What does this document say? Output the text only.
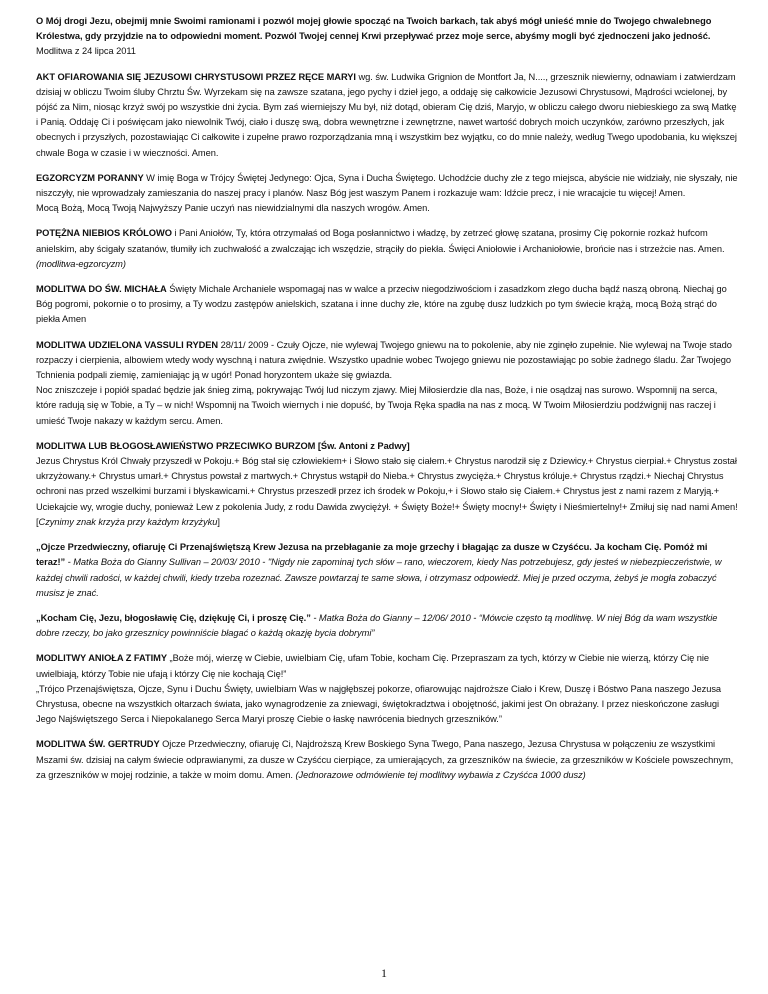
O Mój drogi Jezu, obejmij mnie Swoimi ramionami i pozwól mojej głowie spocząć na Twoich barkach, tak abyś mógł unieść mnie do Twojego chwalebnego Królestwa, gdy przyjdzie na to odpowiedni moment. Pozwól Twojej cennej Krwi przepływać przez moje serce, abyśmy mogli być zjednoczeni jako jedność. Modlitwa z 24 lipca 2011

AKT OFIAROWANIA SIĘ JEZUSOWI CHRYSTUSOWI PRZEZ RĘCE MARYI wg. św. Ludwika Grignion de Montfort Ja, N...., grzesznik niewierny, odnawiam i zatwierdzam dzisiaj w obliczu Twoim śluby Chrztu Św. Wyrzekam się na zawsze szatana, jego pychy i dzieł jego, a oddaję się całkowicie Jezusowi Chrystusowi, Mądrości wcielonej, by pójść za Nim, niosąc krzyż swój po wszystkie dni życia. Bym zaś wierniejszy Mu był, niż dotąd, obieram Cię dziś, Maryjo, w obliczu całego dworu niebieskiego za swą Matkę i Panią. Oddaję Ci i poświęcam jako niewolnik Twój, ciało i duszę swą, dobra wewnętrzne i zewnętrzne, nawet wartość dobrych moich uczynków, zarówno przeszłych, jak obecnych i przyszłych, pozostawiając Ci całkowite i zupełne prawo rozporządzania mną i wszystkim bez wyjątku, co do mnie należy, według Twego upodobania, ku większej chwale Boga w czasie i w wieczności. Amen.

EGZORCYZM PORANNY W imię Boga w Trójcy Świętej Jedynego: Ojca, Syna i Ducha Świętego. Uchodźcie duchy złe z tego miejsca, abyście nie widziały, nie słyszały, nie niszczyły, nie wprowadzały zamieszania do naszej pracy i planów. Nasz Bóg jest waszym Panem i rozkazuje wam: Idźcie precz, i nie wracajcie tu więcej! Amen.
Mocą Bożą, Mocą Twoją Najwyższy Panie uczyń nas niewidzialnymi dla naszych wrogów. Amen.

POTĘŻNA NIEBIOS KRÓLOWO i Pani Aniołów, Ty, która otrzymałaś od Boga posłannictwo i władzę, by zetrzeć głowę szatana, prosimy Cię pokornie rozkaż hufcom anielskim, aby ścigały szatanów, tłumiły ich zuchwałość a zwalczając ich wszędzie, strąciły do piekła. Święci Aniołowie i Archaniołowie, brońcie nas i strzeżcie nas. Amen. (modlitwa-egzorcyzm)

MODLITWA DO ŚW. MICHAŁA Święty Michale Archaniele wspomagaj nas w walce a przeciw niegodziwościom i zasadzkom złego ducha bądź naszą obroną. Niechaj go Bóg pogromi, pokornie o to prosimy, a Ty wodzu zastępów anielskich, szatana i inne duchy złe, które na zgubę dusz ludzkich po tym świecie krążą, mocą Bożą strąć do piekła Amen

MODLITWA UDZIELONA VASSULI RYDEN 28/11/ 2009 - Czuły Ojcze, nie wylewaj Twojego gniewu na to pokolenie, aby nie zginęło zupełnie. Nie wylewaj na Twoje stado rozpaczy i cierpienia, albowiem wtedy wody wyschną i natura zwiędnie. Wszystko upadnie wobec Twojego gniewu nie pozostawiając po sobie żadnego śladu. Żar Twojego Tchnienia podpali ziemię, zamieniając ją w ugór! Ponad horyzontem ukaże się gwiazda.
Noc zniszczeje i popiół spadać będzie jak śnieg zimą, pokrywając Twój lud niczym zjawy. Miej Miłosierdzie dla nas, Boże, i nie osądzaj nas surowo. Wspomnij na serca, które radują się w Tobie, a Ty – w nich! Wspomnij na Twoich wiernych i nie dopuść, by Twoja Ręka spadła na nas z mocą. W Twoim Miłosierdziu podźwignij nas raczej i umieść Twoje nakazy w każdym sercu. Amen.

MODLITWA LUB BŁOGOSŁAWIEŃSTWO PRZECIWKO BURZOM [Św. Antoni z Padwy]
Jezus Chrystus Król Chwały przyszedł w Pokoju.+ Bóg stał się człowiekiem+ i Słowo stało się ciałem.+ Chrystus narodził się z Dziewicy.+ Chrystus cierpiał.+ Chrystus został ukrzyżowany.+ Chrystus umarł.+ Chrystus powstał z martwych.+ Chrystus wstąpił do Nieba.+ Chrystus zwycięża.+ Chrystus króluje.+ Chrystus rządzi.+ Niechaj Chrystus ochroni nas przed wszelkimi burzami i błyskawicami.+ Chrystus przeszedł przez ich środek w Pokoju,+ i Słowo stało się Ciałem.+ Chrystus jest z nami razem z Maryją.+ Uciekajcie wy, wrogie duchy, ponieważ Lew z pokolenia Judy, z rodu Dawida zwyciężył. + Święty Boże!+ Święty mocny!+ Święty i Nieśmiertelny!+ Zmiłuj się nad nami Amen! [Czynimy znak krzyża przy każdym krzyżyku]

„Ojcze Przedwieczny, ofiaruję Ci Przenajświętszą Krew Jezusa na przebłaganie za moje grzechy i błagając za dusze w Czyśćcu. Ja kocham Cię. Pomóż mi teraz!” - Matka Boża do Gianny Sullivan – 20/03/ 2010 - "Nigdy nie zapominaj tych słów – rano, wieczorem, kiedy Nas potrzebujesz, gdy jesteś w niebezpieczeństwie, w każdej chwili radości, w każdej chwili, kiedy trzeba rozeznać. Zawsze powtarzaj te same słowa, i otrzymasz odpowiedź. Miej je przed oczyma, żebyś je mogła zobaczyć musisz je znać.

„Kocham Cię, Jezu, błogosławię Cię, dziękuję Ci, i proszę Cię.” - Matka Boża do Gianny – 12/06/ 2010 - “Mówcie często tą modlitwę. W niej Bóg da wam wszystkie dobre rzeczy, bo jako grzesznicy powinniście błagać o każdą okazję bycia dobrymi”

MODLITWY ANIOŁA Z FATIMY „Boże mój, wierzę w Ciebie, uwielbiam Cię, ufam Tobie, kocham Cię. Przepraszam za tych, którzy w Ciebie nie wierzą, którzy Cię nie uwielbiają, którzy Tobie nie ufają i którzy Cię nie kochają Cię!”
„Trójco Przenajświętsza, Ojcze, Synu i Duchu Święty, uwielbiam Was w najgłębszej pokorze, ofiarowując najdroższe Ciało i Krew, Duszę i Bóstwo Pana naszego Jezusa Chrystusa, obecne na wszystkich ołtarzach świata, jako wynagrodzenie za zniewagi, świętokradztwa i obojętność, jakimi jest On obrażany. I przez nieskończone zasługi Jego Najświętszego Serca i Niepokalanego Serca Maryi proszę Ciebie o łaskę nawrócenia biednych grzeszników.”

MODLITWA ŚW. GERTRUDY Ojcze Przedwieczny, ofiaruję Ci, Najdroższą Krew Boskiego Syna Twego, Pana naszego, Jezusa Chrystusa w połączeniu ze wszystkimi Mszami św. dzisiaj na całym świecie odprawianymi, za dusze w Czyśćcu cierpiące, za umierających, za grzeszników na świecie, za grzeszników w Kościele powszechnym, za grzeszników w mojej rodzinie, a także w moim domu. Amen. (Jednorazowe odmówienie tej modlitwy wybawia z Czyśćca 1000 dusz)

1
